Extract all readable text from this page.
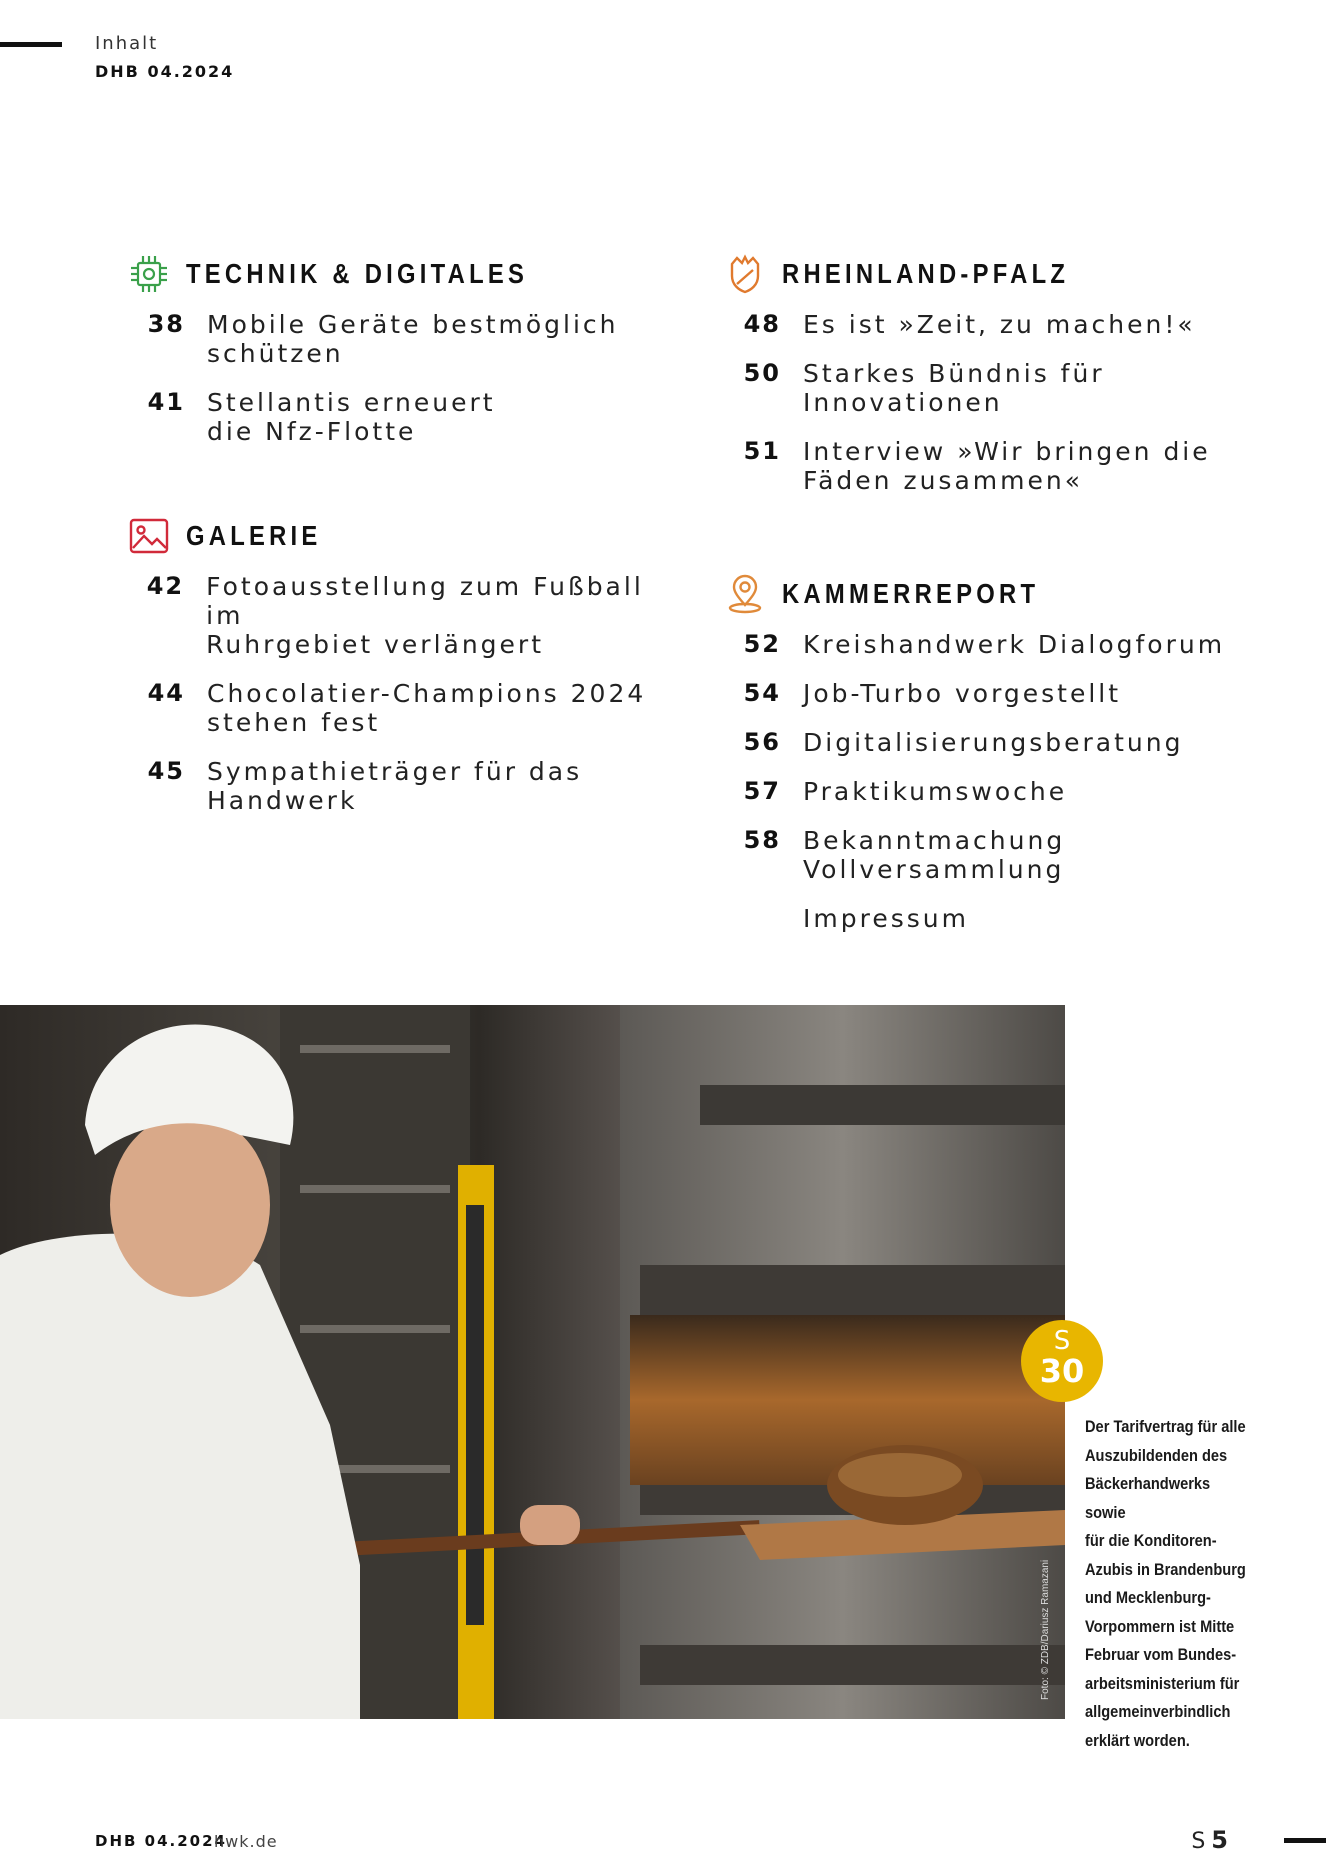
Inhalt
DHB 04.2024
TECHNIK & DIGITALES
38 Mobile Geräte bestmöglich
schützen
41 Stellantis erneuert
die Nfz-Flotte
GALERIE
42 Fotoausstellung zum Fußball im
Ruhrgebiet verlängert
44 Chocolatier-Champions 2024
stehen fest
45 Sympathieträger für das
Handwerk
RHEINLAND-PFALZ
48 Es ist »Zeit, zu machen!«
50 Starkes Bündnis für
Innovationen
51 Interview »Wir bringen die
Fäden zusammen«
KAMMERREPORT
52 Kreishandwerk Dialogforum
54 Job-Turbo vorgestellt
56 Digitalisierungsberatung
57 Praktikumswoche
58 Bekanntmachung
Vollversammlung
Impressum
Foto: © ZDB/Dariusz Ramazani
S
30
Der Tarifvertrag für alle
Auszubildenden des
Bäckerhandwerks sowie
für die Konditoren-
Azubis in Brandenburg
und Mecklenburg-
Vorpommern ist Mitte
Februar vom Bundes-
arbeitsministerium für
allgemeinverbindlich
erklärt worden.
DHB 04.2024
hwk.de	S 5
